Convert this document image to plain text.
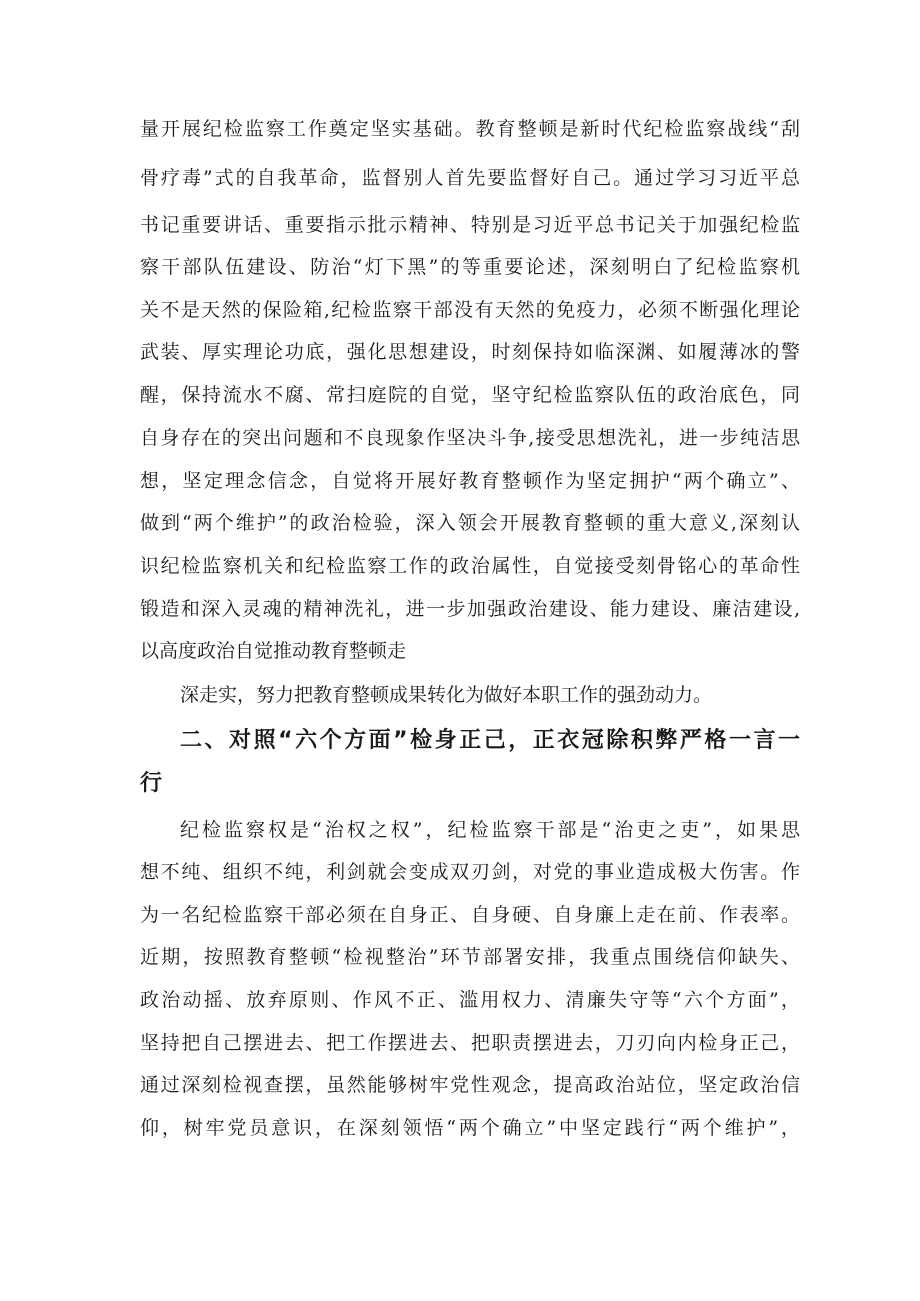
量开展纪检监察工作奠定坚实基础。教育整顿是新时代纪检监察战线“刮
骨疗毒”式的自我革命，监督别人首先要监督好自己。通过学习习近平总
书记重要讲话、重要指示批示精神、特别是习近平总书记关于加强纪检监
察干部队伍建设、防治“灯下黑”的等重要论述，深刻明白了纪检监察机
关不是天然的保险箱,纪检监察干部没有天然的免疫力，必须不断强化理论
武装、厚实理论功底，强化思想建设，时刻保持如临深渊、如履薄冰的警
醒，保持流水不腐、常扫庭院的自觉，坚守纪检监察队伍的政治底色，同
自身存在的突出问题和不良现象作坚决斗争,接受思想洗礼，进一步纯洁思
想，坚定理念信念，自觉将开展好教育整顿作为坚定拥护“两个确立”、
做到“两个维护”的政治检验，深入领会开展教育整顿的重大意义,深刻认
识纪检监察机关和纪检监察工作的政治属性，自觉接受刻骨铭心的革命性
锻造和深入灵魂的精神洗礼，进一步加强政治建设、能力建设、廉洁建设,
以高度政治自觉推动教育整顿走
深走实，努力把教育整顿成果转化为做好本职工作的强劲动力。
二、对照“六个方面”检身正己，正衣冠除积弊严格一言一
行
纪检监察权是“治权之权”，纪检监察干部是“治吏之吏”，如果思
想不纯、组织不纯，利剑就会变成双刃剑，对党的事业造成极大伤害。作
为一名纪检监察干部必须在自身正、自身硬、自身廉上走在前、作表率。
近期，按照教育整顿“检视整治”环节部署安排，我重点围绕信仰缺失、
政治动摇、放弃原则、作风不正、滥用权力、清廉失守等“六个方面”，
坚持把自己摆进去、把工作摆进去、把职责摆进去，刀刃向内检身正己，
通过深刻检视查摆，虽然能够树牢党性观念，提高政治站位，坚定政治信
仰，树牢党员意识，在深刻领悟“两个确立”中坚定践行“两个维护”，
